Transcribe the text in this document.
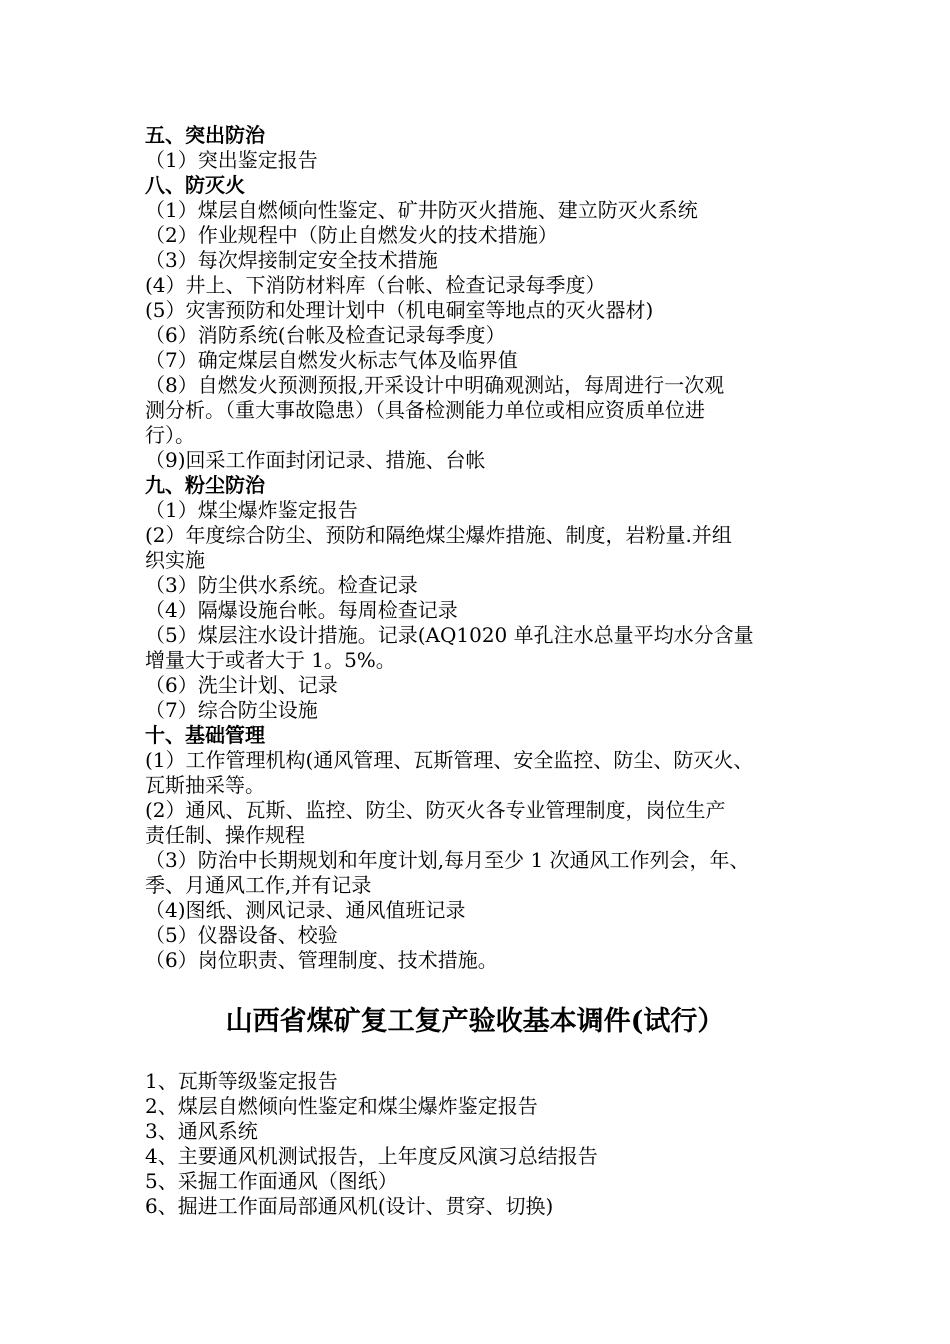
五、突出防治
（1）突出鉴定报告
八、防灭火
（1）煤层自燃倾向性鉴定、矿井防灭火措施、建立防灭火系统
（2）作业规程中（防止自燃发火的技术措施）
（3）每次焊接制定安全技术措施
(4）井上、下消防材料库（台帐、检查记录每季度）
(5）灾害预防和处理计划中（机电硐室等地点的灭火器材)
（6）消防系统(台帐及检查记录每季度）
（7）确定煤层自燃发火标志气体及临界值
（8）自燃发火预测预报,开采设计中明确观测站，每周进行一次观
测分析。（重大事故隐患）（具备检测能力单位或相应资质单位进
行）。
（9)回采工作面封闭记录、措施、台帐
九、粉尘防治
（1）煤尘爆炸鉴定报告
(2）年度综合防尘、预防和隔绝煤尘爆炸措施、制度，岩粉量.并组
织实施
（3）防尘供水系统。检查记录
（4）隔爆设施台帐。每周检查记录
（5）煤层注水设计措施。记录(AQ1020 单孔注水总量平均水分含量
增量大于或者大于 1。5%。
（6）洗尘计划、记录
（7）综合防尘设施
十、基础管理
(1）工作管理机构(通风管理、瓦斯管理、安全监控、防尘、防灭火、
瓦斯抽采等。
(2）通风、瓦斯、监控、防尘、防灭火各专业管理制度，岗位生产
责任制、操作规程
（3）防治中长期规划和年度计划,每月至少 1 次通风工作列会，年、
季、月通风工作,并有记录
（4)图纸、测风记录、通风值班记录
（5）仪器设备、校验
（6）岗位职责、管理制度、技术措施。
山西省煤矿复工复产验收基本调件(试行）
1、瓦斯等级鉴定报告
2、煤层自燃倾向性鉴定和煤尘爆炸鉴定报告
3、通风系统
4、主要通风机测试报告，上年度反风演习总结报告
5、采掘工作面通风（图纸）
6、掘进工作面局部通风机(设计、贯穿、切换)
